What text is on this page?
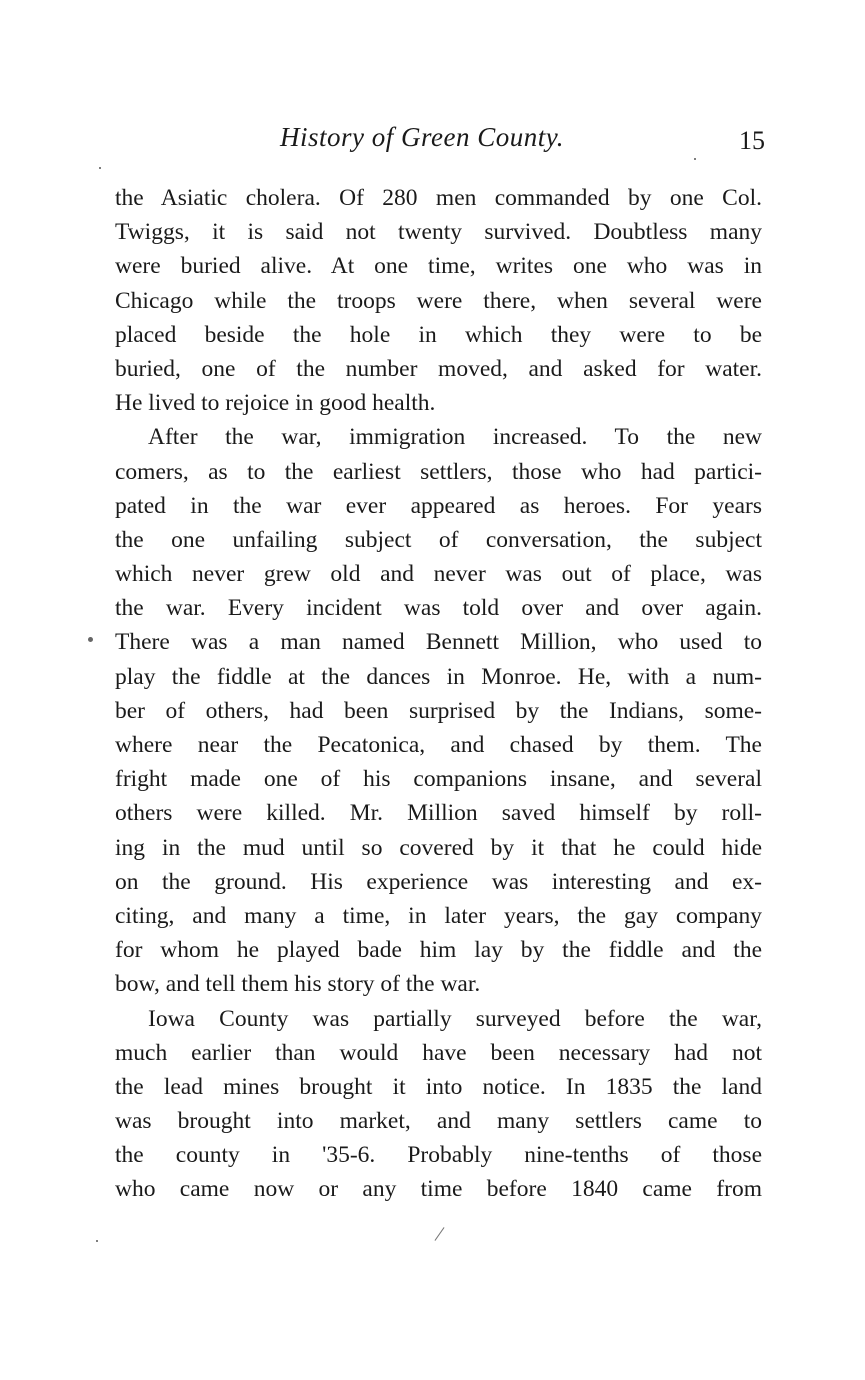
History of Green County.	15
the Asiatic cholera. Of 280 men commanded by one Col.
Twiggs, it is said not twenty survived. Doubtless many
were buried alive. At one time, writes one who was in
Chicago while the troops were there, when several were
placed beside the hole in which they were to be
buried, one of the number moved, and asked for water.
He lived to rejoice in good health.
After the war, immigration increased. To the new
comers, as to the earliest settlers, those who had partici-
pated in the war ever appeared as heroes. For years
the one unfailing subject of conversation, the subject
which never grew old and never was out of place, was
the war. Every incident was told over and over again.
There was a man named Bennett Million, who used to
play the fiddle at the dances in Monroe. He, with a num-
ber of others, had been surprised by the Indians, some-
where near the Pecatonica, and chased by them. The
fright made one of his companions insane, and several
others were killed. Mr. Million saved himself by roll-
ing in the mud until so covered by it that he could hide
on the ground. His experience was interesting and ex-
citing, and many a time, in later years, the gay company
for whom he played bade him lay by the fiddle and the
bow, and tell them his story of the war.
Iowa County was partially surveyed before the war,
much earlier than would have been necessary had not
the lead mines brought it into notice. In 1835 the land
was brought into market, and many settlers came to
the county in '35-6. Probably nine-tenths of those
who came now or any time before 1840 came from
